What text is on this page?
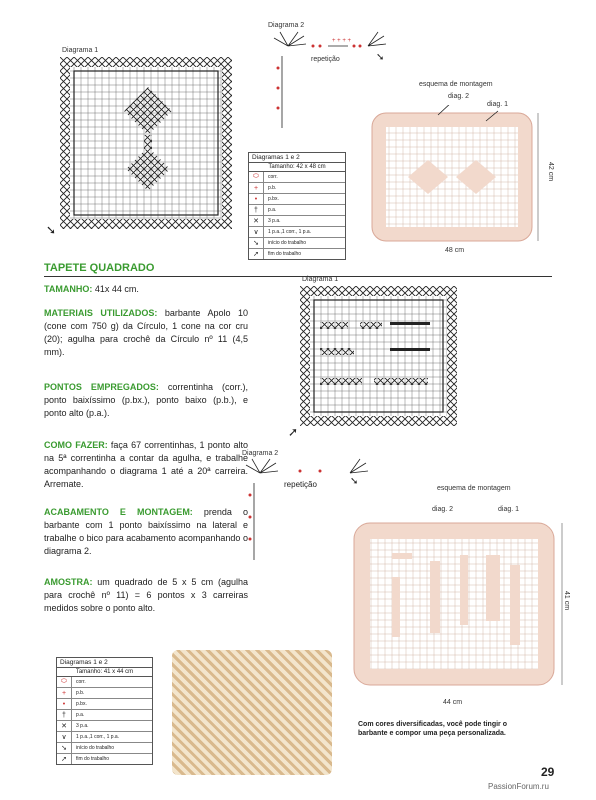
Diagrama 1
➘
Diagrama 2
+ + + +
repetição	➘
esquema de montagem
diag. 2
diag. 1
42 cm
48 cm
Diagramas 1 e 2
Tamanho: 42 x 48 cm
⬭	corr.
+	p.b.
•	p.bx.
†	p.a.
✕	3 p.a.
∨	1 p.a.,1 corr., 1 p.a.
➘	início do trabalho
➚	fim do trabalho
TAPETE QUADRADO
TAMANHO: 41x 44 cm.
MATERIAIS UTILIZADOS: barbante Apolo 10 (cone com 750 g) da Círculo, 1 cone na cor cru (20); agulha para crochê da Círculo nº 11 (4,5 mm).
PONTOS EMPREGADOS: correntinha (corr.), ponto baixíssimo (p.bx.), ponto baixo (p.b.), e ponto alto (p.a.).
COMO FAZER: faça 67 correntinhas, 1 ponto alto na 5ª correntinha a contar da agulha, e trabalhe acompanhando o diagrama 1 até a 20ª carreira. Arremate.
ACABAMENTO E MONTAGEM: prenda o barbante com 1 ponto baixíssimo na lateral e trabalhe o bico para acabamento acompanhando o diagrama 2.
AMOSTRA: um quadrado de 5 x 5 cm (agulha para crochê nº 11) = 6 pontos x 3 carreiras medidos sobre o ponto alto.
Diagrama 1
➚
Diagrama 2
repetição	➘
esquema de montagem
diag. 2	diag. 1
41 cm
44 cm
Diagramas 1 e 2
Tamanho: 41 x 44 cm
⬭	corr.
+	p.b.
•	p.bx.
†	p.a.
✕	3 p.a.
∨	1 p.a.,1 corr., 1 p.a.
➘	início do trabalho
➚	fim do trabalho
Com cores diversificadas, você pode tingir o barbante e compor uma peça personalizada.
29
PassionForum.ru
